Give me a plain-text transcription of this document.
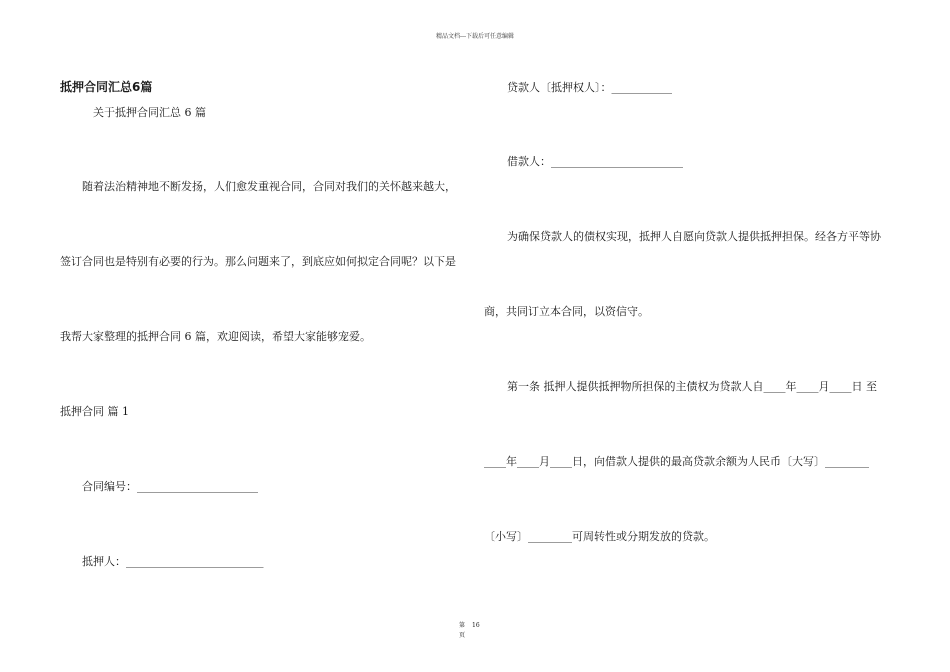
精品文档---下载后可任意编辑
抵押合同汇总6篇
关于抵押合同汇总 6 篇
随着法治精神地不断发扬，人们愈发重视合同，合同对我们的关怀越来越大，
签订合同也是特别有必要的行为。那么问题来了，到底应如何拟定合同呢？以下是
我帮大家整理的抵押合同 6 篇，欢迎阅读，希望大家能够宠爱。
抵押合同 篇 1
合同编号：______________________
抵押人：_________________________
贷款人〔抵押权人〕：___________
借款人：________________________
为确保贷款人的债权实现，抵押人自愿向贷款人提供抵押担保。经各方平等协
商，共同订立本合同，以资信守。
第一条 抵押人提供抵押物所担保的主债权为贷款人自____年____月____日 至
____年____月____日，向借款人提供的最高贷款余额为人民币〔大写〕________
〔小写〕________可周转性或分期发放的贷款。
第 16
页
